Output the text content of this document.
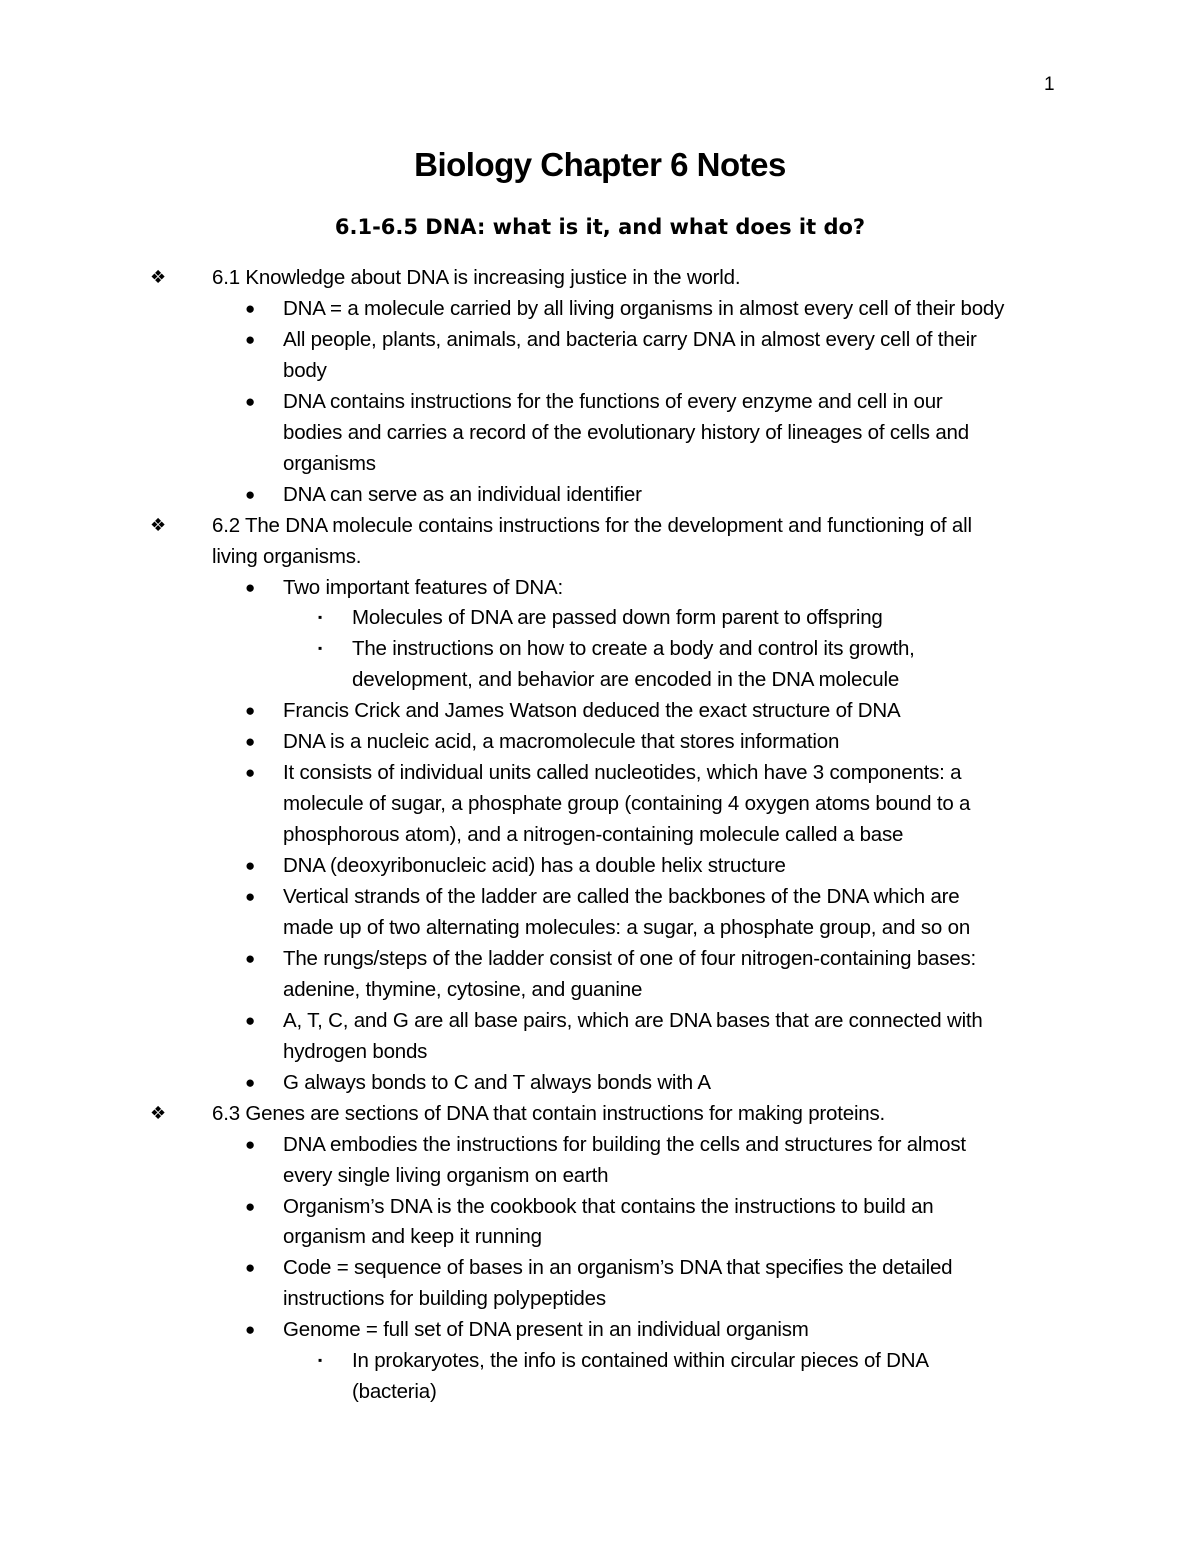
1
Biology Chapter 6 Notes
6.1-6.5 DNA: what is it, and what does it do?
❖ 6.1 Knowledge about DNA is increasing justice in the world.
● DNA = a molecule carried by all living organisms in almost every cell of their body
● All people, plants, animals, and bacteria carry DNA in almost every cell of their
body
● DNA contains instructions for the functions of every enzyme and cell in our
bodies and carries a record of the evolutionary history of lineages of cells and
organisms
● DNA can serve as an individual identifier
❖ 6.2 The DNA molecule contains instructions for the development and functioning of all
living organisms.
● Two important features of DNA:
▪ Molecules of DNA are passed down form parent to offspring
▪ The instructions on how to create a body and control its growth,
development, and behavior are encoded in the DNA molecule
● Francis Crick and James Watson deduced the exact structure of DNA
● DNA is a nucleic acid, a macromolecule that stores information
● It consists of individual units called nucleotides, which have 3 components: a
molecule of sugar, a phosphate group (containing 4 oxygen atoms bound to a
phosphorous atom), and a nitrogen-containing molecule called a base
● DNA (deoxyribonucleic acid) has a double helix structure
● Vertical strands of the ladder are called the backbones of the DNA which are
made up of two alternating molecules: a sugar, a phosphate group, and so on
● The rungs/steps of the ladder consist of one of four nitrogen-containing bases:
adenine, thymine, cytosine, and guanine
● A, T, C, and G are all base pairs, which are DNA bases that are connected with
hydrogen bonds
● G always bonds to C and T always bonds with A
❖ 6.3 Genes are sections of DNA that contain instructions for making proteins.
● DNA embodies the instructions for building the cells and structures for almost
every single living organism on earth
● Organism’s DNA is the cookbook that contains the instructions to build an
organism and keep it running
● Code = sequence of bases in an organism’s DNA that specifies the detailed
instructions for building polypeptides
● Genome = full set of DNA present in an individual organism
▪ In prokaryotes, the info is contained within circular pieces of DNA
(bacteria)
